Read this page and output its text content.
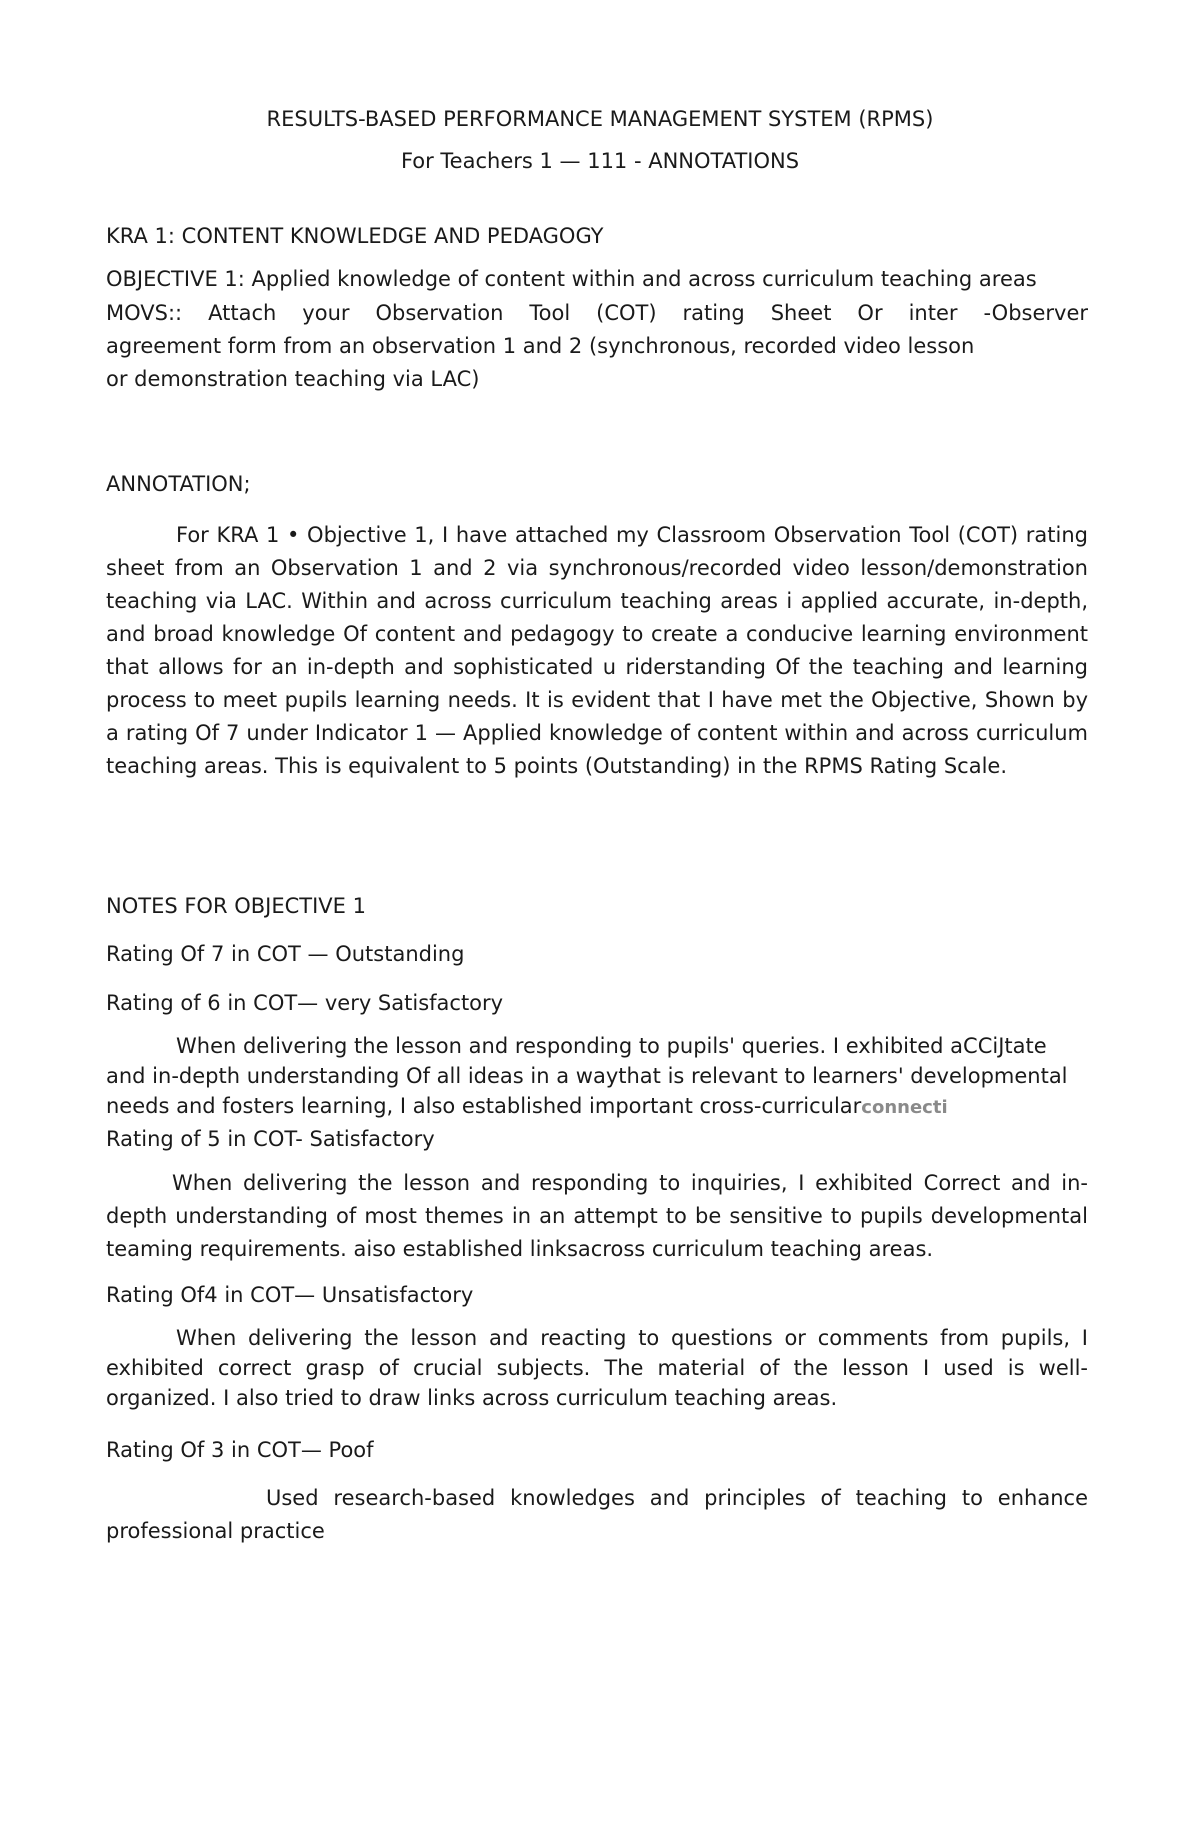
RESULTS-BASED PERFORMANCE MANAGEMENT SYSTEM (RPMS)
For Teachers 1 — 111 - ANNOTATIONS
KRA 1: CONTENT KNOWLEDGE AND PEDAGOGY
OBJECTIVE 1: Applied knowledge of content within and across curriculum teaching areas
MOVS:: Attach your Observation Tool (COT) rating Sheet Or inter -Observer
agreement form from an observation 1 and 2 (synchronous, recorded video lesson
or demonstration teaching via LAC)
ANNOTATION;
For KRA 1 • Objective 1, I have attached my Classroom Observation Tool (COT) rating sheet from an Observation 1 and 2 via synchronous/recorded video lesson/demonstration teaching via LAC. Within and across curriculum teaching areas i applied accurate, in-depth, and broad knowledge Of content and pedagogy to create a conducive learning environment that allows for an in-depth and sophisticated u riderstanding Of the teaching and learning process to meet pupils learning needs. It is evident that I have met the Objective, Shown by a rating Of 7 under Indicator 1 — Applied knowledge of content within and across curriculum teaching areas. This is equivalent to 5 points (Outstanding) in the RPMS Rating Scale.
NOTES FOR OBJECTIVE 1
Rating Of 7 in COT — Outstanding
Rating of 6 in COT— very Satisfactory
When delivering the lesson and responding to pupils' queries. I exhibited aCCiJtate
and in-depth understanding Of all ideas in a waythat is relevant to learners' developmental
needs and fosters learning, I also established important cross-curricularconnecti
Rating of 5 in COT- Satisfactory
When delivering the lesson and responding to inquiries, I exhibited Correct and in-depth understanding of most themes in an attempt to be sensitive to pupils developmental teaming requirements. aiso established linksacross curriculum teaching areas.
Rating Of4 in COT— Unsatisfactory
When delivering the lesson and reacting to questions or comments from pupils, I exhibited correct grasp of crucial subjects. The material of the lesson I used is well-organized. I also tried to draw links across curriculum teaching areas.
Rating Of 3 in COT— Poof
Used research-based knowledges and principles of teaching to enhance professional practice
